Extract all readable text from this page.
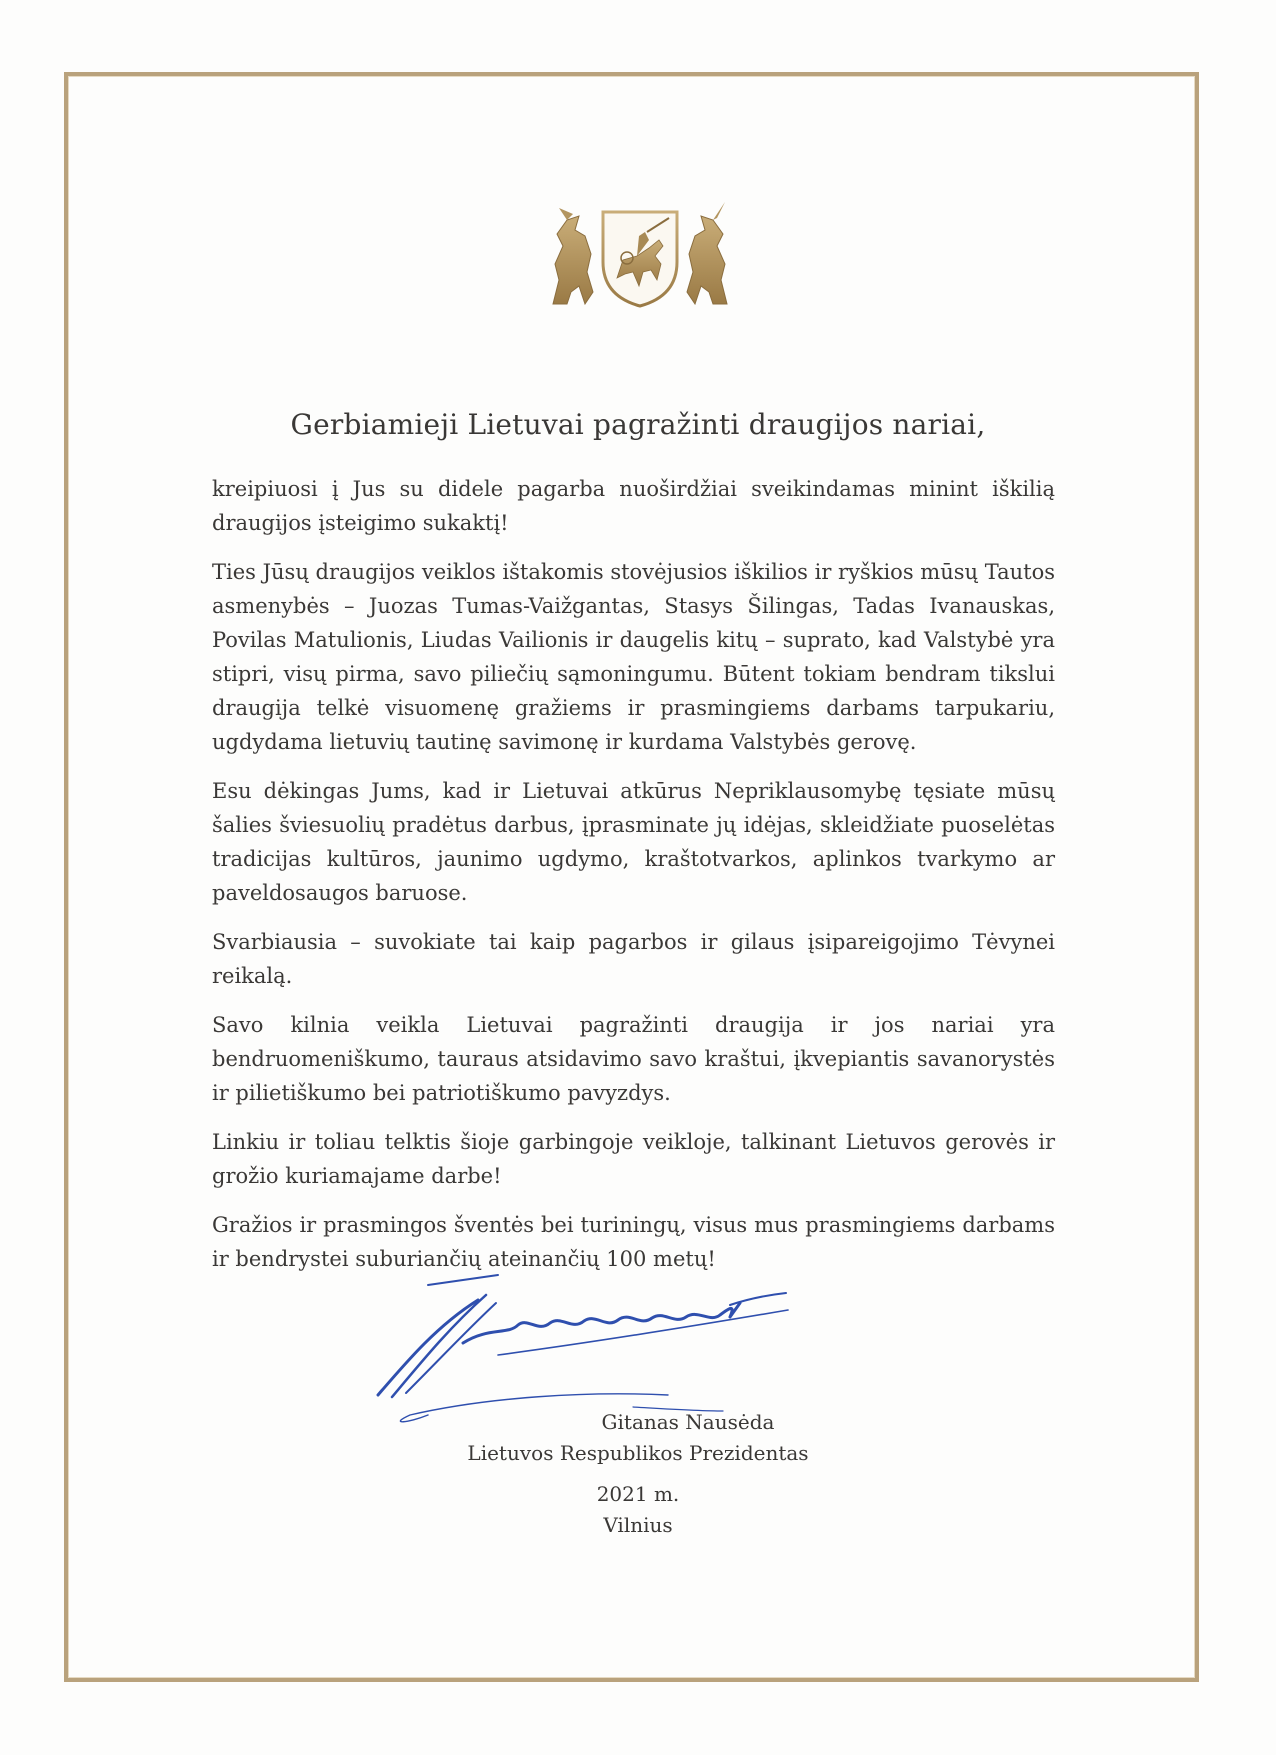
Gerbiamieji Lietuvai pagražinti draugijos nariai,

kreipiuosi į Jus su didele pagarba nuoširdžiai sveikindamas minint iškilią draugijos įsteigimo sukaktį!

Ties Jūsų draugijos veiklos ištakomis stovėjusios iškilios ir ryškios mūsų Tautos asmenybės – Juozas Tumas-Vaižgantas, Stasys Šilingas, Tadas Ivanauskas, Povilas Matulionis, Liudas Vailionis ir daugelis kitų – suprato, kad Valstybė yra stipri, visų pirma, savo piliečių sąmoningumu. Būtent tokiam bendram tikslui draugija telkė visuomenę gražiems ir prasmingiems darbams tarpukariu, ugdydama lietuvių tautinę savimonę ir kurdama Valstybės gerovę.

Esu dėkingas Jums, kad ir Lietuvai atkūrus Nepriklausomybę tęsiate mūsų šalies šviesuolių pradėtus darbus, įprasminate jų idėjas, skleidžiate puoselėtas tradicijas kultūros, jaunimo ugdymo, kraštotvarkos, aplinkos tvarkymo ar paveldosaugos baruose.

Svarbiausia – suvokiate tai kaip pagarbos ir gilaus įsipareigojimo Tėvynei reikalą.

Savo kilnia veikla Lietuvai pagražinti draugija ir jos nariai yra bendruomeniškumo, tauraus atsidavimo savo kraštui, įkvepiantis savanorystės ir pilietiškumo bei patriotiškumo pavyzdys.

Linkiu ir toliau telktis šioje garbingoje veikloje, talkinant Lietuvos gerovės ir grožio kuriamajame darbe!

Gražios ir prasmingos šventės bei turiningų, visus mus prasmingiems darbams ir bendrystei suburiančių ateinančių 100 metų!

Gitanas Nausėda
Lietuvos Respublikos Prezidentas
2021 m.
Vilnius
